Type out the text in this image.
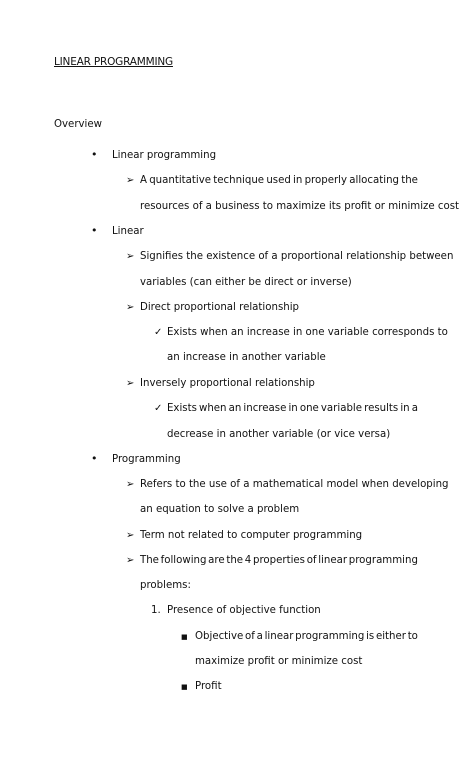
LINEAR PROGRAMMING
Overview
• Linear programming
➢ A quantitative technique used in properly allocating the
resources of a business to maximize its profit or minimize cost
• Linear
➢ Signifies the existence of a proportional relationship between
variables (can either be direct or inverse)
➢ Direct proportional relationship
✓ Exists when an increase in one variable corresponds to
an increase in another variable
➢ Inversely proportional relationship
✓ Exists when an increase in one variable results in a
decrease in another variable (or vice versa)
• Programming
➢ Refers to the use of a mathematical model when developing
an equation to solve a problem
➢ Term not related to computer programming
➢ The following are the 4 properties of linear programming
problems:
1. Presence of objective function
■ Objective of a linear programming is either to
maximize profit or minimize cost
■ Profit
